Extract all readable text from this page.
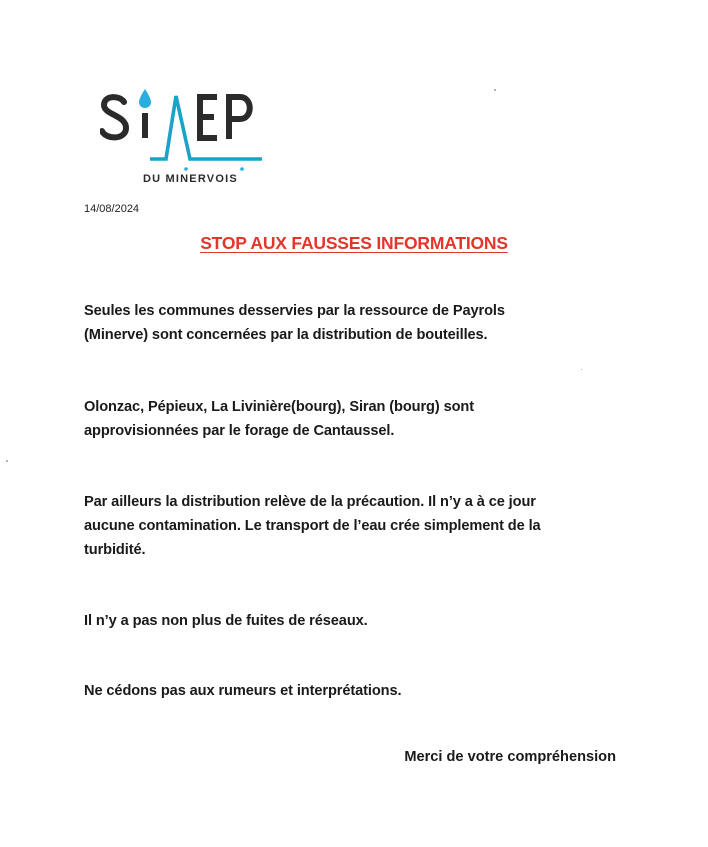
DU MINERVOIS
14/08/2024
STOP AUX FAUSSES INFORMATIONS
Seules les communes desservies par la ressource de Payrols
(Minerve) sont concernées par la distribution de bouteilles.
Olonzac, Pépieux, La Livinière(bourg), Siran (bourg) sont
approvisionnées par le forage de Cantaussel.
Par ailleurs la distribution relève de la précaution. Il n’y a à ce jour
aucune contamination. Le transport de l’eau crée simplement de la
turbidité.
Il n’y a pas non plus de fuites de réseaux.
Ne cédons pas aux rumeurs et interprétations.
Merci de votre compréhension
